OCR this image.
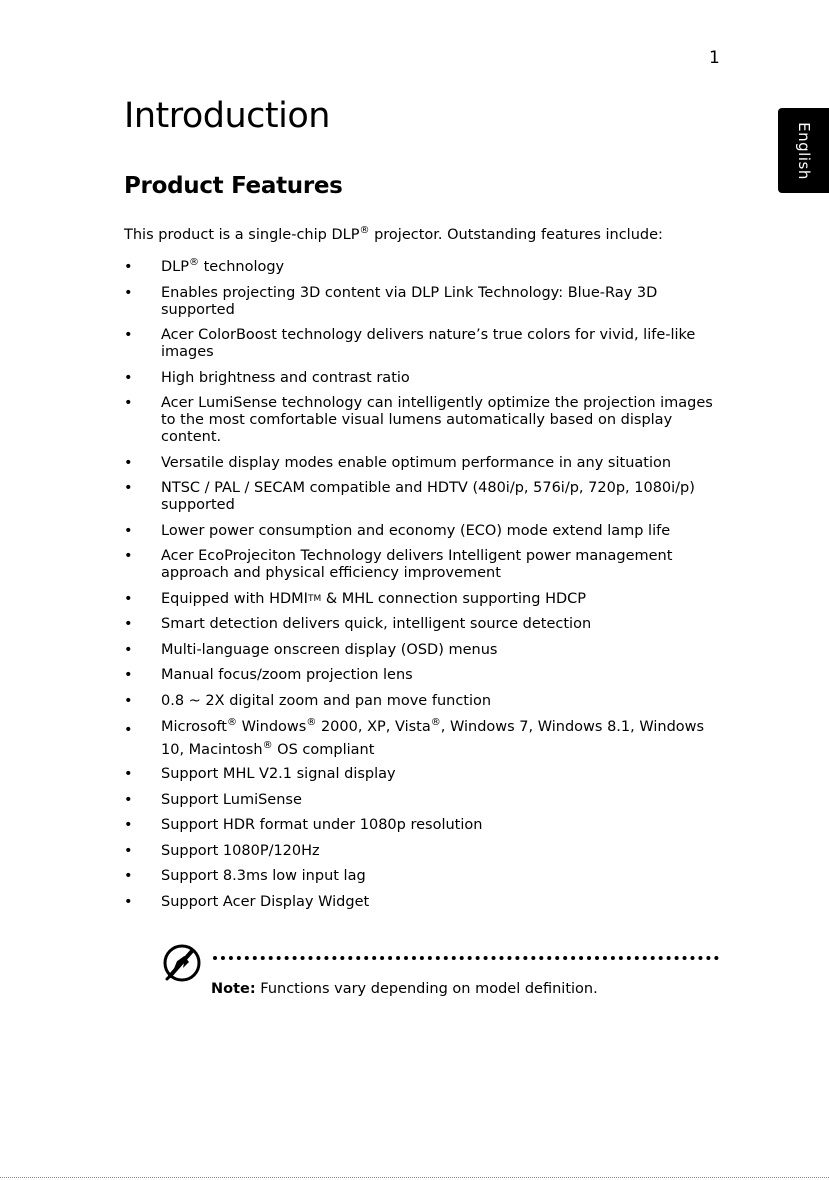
1
English
Introduction
Product Features

This product is a single-chip DLP® projector. Outstanding features include:

• DLP® technology
• Enables projecting 3D content via DLP Link Technology: Blue-Ray 3D supported
• Acer ColorBoost technology delivers nature’s true colors for vivid, life-like images
• High brightness and contrast ratio
• Acer LumiSense technology can intelligently optimize the projection images to the most comfortable visual lumens automatically based on display content.
• Versatile display modes enable optimum performance in any situation
• NTSC / PAL / SECAM compatible and HDTV (480i/p, 576i/p, 720p, 1080i/p) supported
• Lower power consumption and economy (ECO) mode extend lamp life
• Acer EcoProjeciton Technology delivers Intelligent power management approach and physical efficiency improvement
• Equipped with HDMITM & MHL connection supporting HDCP
• Smart detection delivers quick, intelligent source detection
• Multi-language onscreen display (OSD) menus
• Manual focus/zoom projection lens
• 0.8 ~ 2X digital zoom and pan move function
• Microsoft® Windows® 2000, XP, Vista®, Windows 7, Windows 8.1, Windows 10, Macintosh® OS compliant
• Support MHL V2.1 signal display
• Support LumiSense
• Support HDR format under 1080p resolution
• Support 1080P/120Hz
• Support 8.3ms low input lag
• Support Acer Display Widget

Note: Functions vary depending on model definition.
